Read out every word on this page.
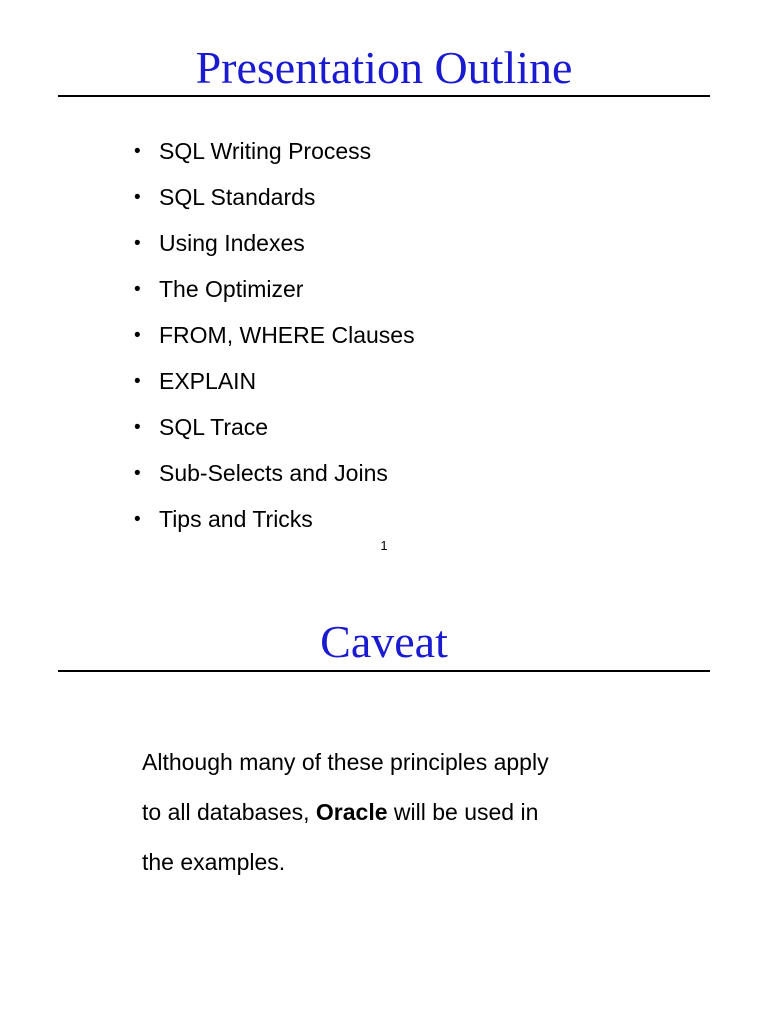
Presentation Outline
• SQL Writing Process
• SQL Standards
• Using Indexes
• The Optimizer
• FROM, WHERE Clauses
• EXPLAIN
• SQL Trace
• Sub-Selects and Joins
• Tips and Tricks
1
Caveat

Although many of these principles apply
to all databases, Oracle will be used in
the examples.
